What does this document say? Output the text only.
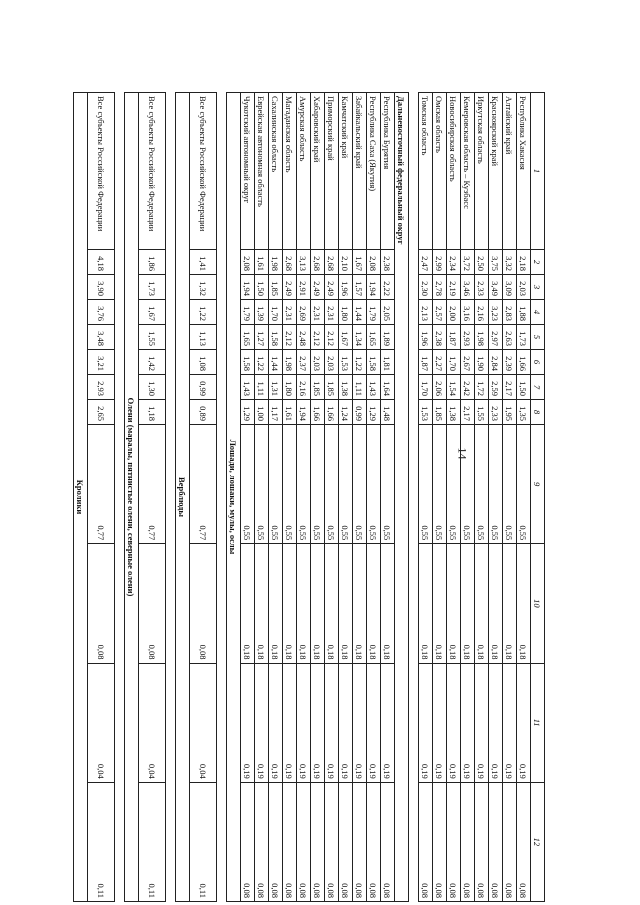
14
1	2	3	4	5	6	7	8	9	10	11	12
Республика Хакасия	2,18	2,03	1,88	1,73	1,66	1,50	1,35	0,55	0,18	0,19	0,08
Алтайский край	3,32	3,09	2,83	2,63	2,39	2,17	1,95	0,55	0,18	0,19	0,08
Красноярский край	3,75	3,49	3,23	2,97	2,84	2,59	2,33	0,55	0,18	0,19	0,08
Иркутская область	2,50	2,33	2,16	1,98	1,90	1,72	1,55	0,55	0,18	0,19	0,08
Кемеровская область – Кузбасс	3,72	3,46	3,16	2,93	2,67	2,42	2,17	0,55	0,18	0,19	0,08
Новосибирская область	2,34	2,19	2,00	1,87	1,70	1,54	1,38	0,55	0,18	0,19	0,08
Омская область	2,99	2,78	2,57	2,38	2,27	2,06	1,85	0,55	0,18	0,19	0,08
Томская область	2,47	2,30	2,13	1,96	1,87	1,70	1,53	0,55	0,18	0,19	0,08

Дальневосточный федеральный округ											
Республика Бурятия	2,38	2,22	2,05	1,89	1,81	1,64	1,48	0,55	0,18	0,19	0,08
Республика Саха (Якутия)	2,08	1,94	1,79	1,65	1,58	1,43	1,29	0,55	0,18	0,19	0,08
Забайкальский край	1,67	1,57	1,44	1,34	1,22	1,11	0,99	0,55	0,18	0,19	0,08
Камчатский край	2,10	1,96	1,80	1,67	1,53	1,38	1,24	0,55	0,18	0,19	0,08
Приморский край	2,68	2,49	2,31	2,12	2,03	1,85	1,66	0,55	0,18	0,19	0,08
Хабаровский край	2,68	2,49	2,31	2,12	2,03	1,85	1,66	0,55	0,18	0,19	0,08
Амурская область	3,13	2,91	2,69	2,48	2,37	2,16	1,94	0,55	0,18	0,19	0,08
Магаданская область	2,68	2,49	2,31	2,12	1,98	1,80	1,61	0,55	0,18	0,19	0,08
Сахалинская область	1,98	1,85	1,70	1,58	1,44	1,31	1,17	0,55	0,18	0,19	0,08
Еврейская автономная область	1,61	1,50	1,39	1,27	1,22	1,11	1,00	0,55	0,18	0,19	0,08
Чукотский автономный округ	2,08	1,94	1,79	1,65	1,58	1,43	1,29	0,55	0,18	0,19	0,08
Лошади, лошаки, мулы, ослы											

Все субъекты Российской Федерации	1,41	1,32	1,22	1,13	1,08	0,99	0,89	0,77	0,08	0,04	0,11
Верблюды											

Все субъекты Российской Федерации	1,86	1,73	1,67	1,55	1,42	1,30	1,18	0,77	0,08	0,04	0,11
Олени (маралы, пятнистые олени, северные олени)											

Все субъекты Российской Федерации	4,18	3,90	3,76	3,48	3,21	2,93	2,65	0,77	0,08	0,04	0,11
Кролики											
